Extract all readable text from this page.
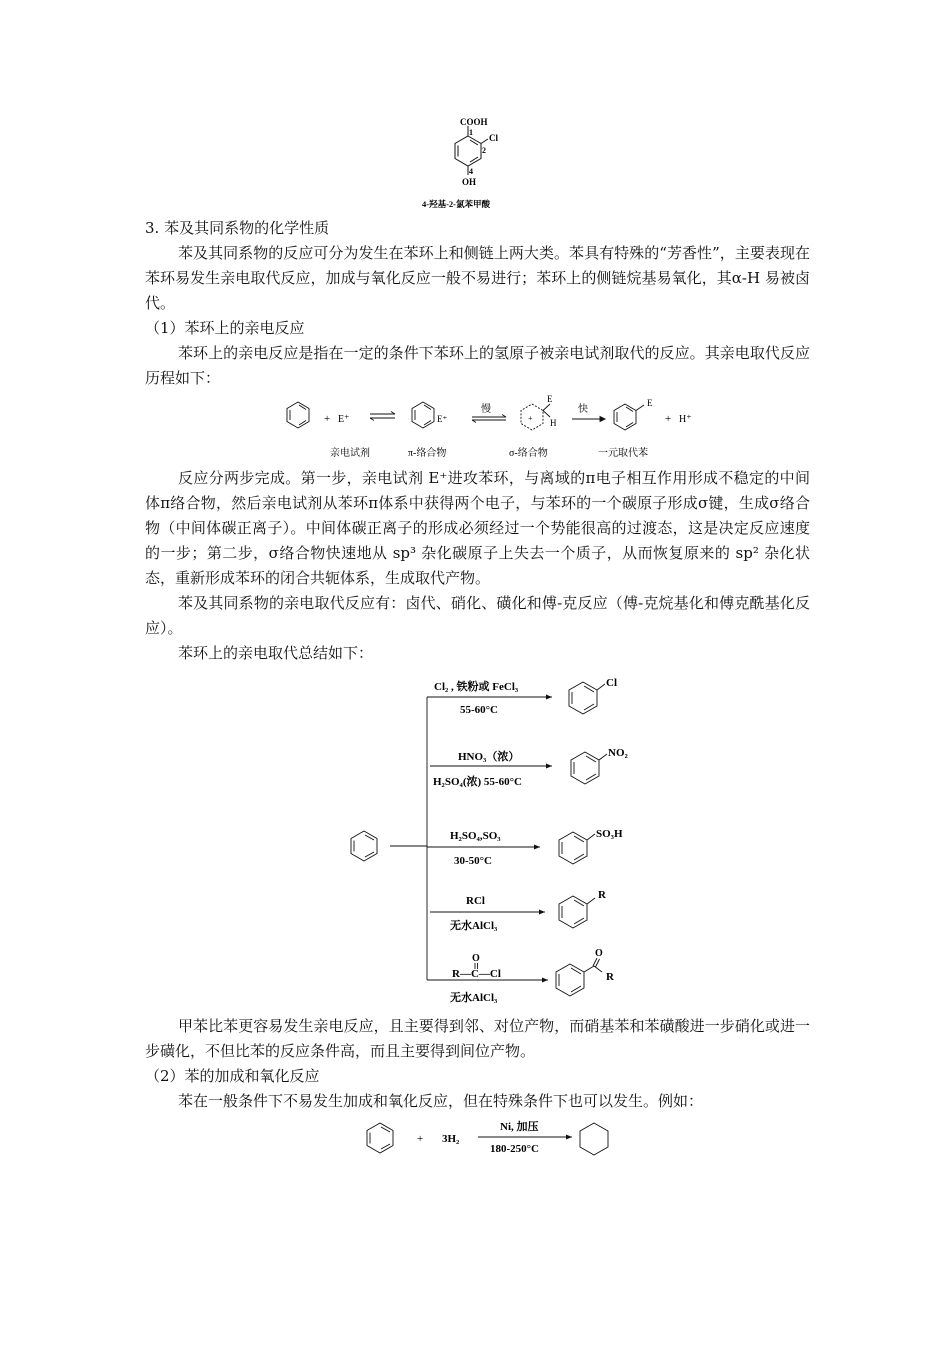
COOH
Cl
1
2
4
OH
4-羟基-2-氯苯甲酸
3. 苯及其同系物的化学性质
苯及其同系物的反应可分为发生在苯环上和侧链上两大类。苯具有特殊的“芳香性”，主要表现在苯环易发生亲电取代反应，加成与氧化反应一般不易进行；苯环上的侧链烷基易氧化，其α-H 易被卤代。
（1）苯环上的亲电反应
苯环上的亲电反应是指在一定的条件下苯环上的氢原子被亲电试剂取代的反应。其亲电取代反应历程如下：
+ E⁺	E⁺
慢
E
H
+
快
E
+ H⁺
亲电试剂	π-络合物	σ-络合物	一元取代苯
反应分两步完成。第一步，亲电试剂 E⁺进攻苯环，与离域的π电子相互作用形成不稳定的中间体π络合物，然后亲电试剂从苯环π体系中获得两个电子，与苯环的一个碳原子形成σ键，生成σ络合物（中间体碳正离子）。中间体碳正离子的形成必须经过一个势能很高的过渡态，这是决定反应速度的一步；第二步，σ络合物快速地从 sp³ 杂化碳原子上失去一个质子，从而恢复原来的 sp² 杂化状态，重新形成苯环的闭合共轭体系，生成取代产物。
苯及其同系物的亲电取代反应有：卤代、硝化、磺化和傅-克反应（傅-克烷基化和傅克酰基化反应）。
苯环上的亲电取代总结如下：
Cl₂ , 铁粉或 FeCl₃
55-60°C
Cl
HNO₃（浓）
H₂SO₄(浓) 55-60°C
NO₂
H₂SO₄,SO₃
30-50°C
SO₃H
RCl
无水AlCl₃
R
O
R—C—Cl
无水AlCl₃
O
R
甲苯比苯更容易发生亲电反应，且主要得到邻、对位产物，而硝基苯和苯磺酸进一步硝化或进一步磺化，不但比苯的反应条件高，而且主要得到间位产物。
（2）苯的加成和氧化反应
苯在一般条件下不易发生加成和氧化反应，但在特殊条件下也可以发生。例如：
+ 3H₂
Ni, 加压
180-250°C
